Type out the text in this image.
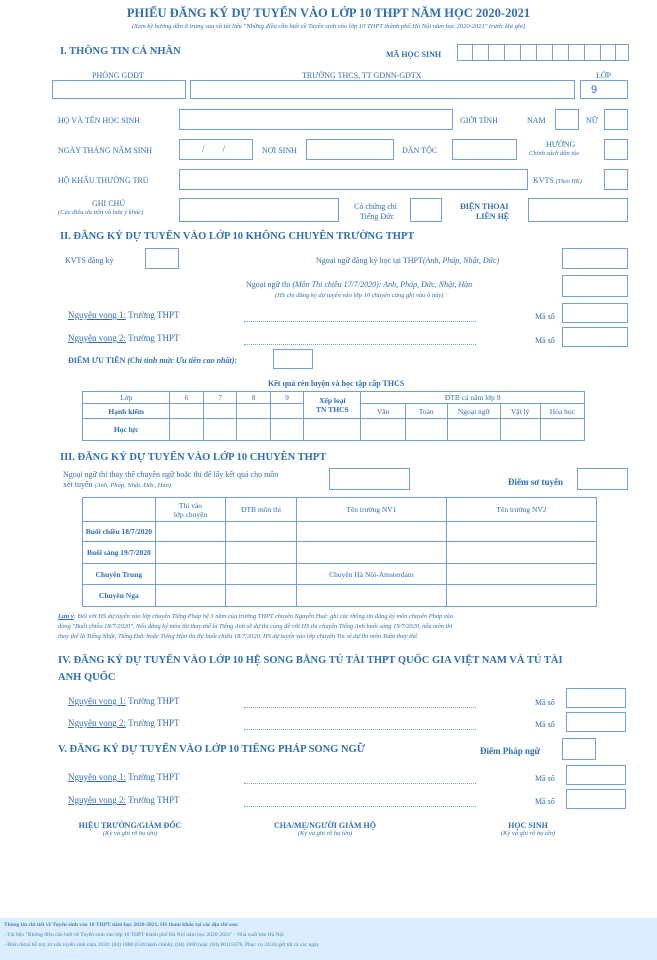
PHIẾU ĐĂNG KÝ DỰ TUYỂN VÀO LỚP 10 THPT NĂM HỌC 2020-2021
(Xem kỹ hướng dẫn ở trang sau và tài liệu "Những điều cần biết về Tuyển sinh vào lớp 10 THPT thành phố Hà Nội năm học 2020-2021" trước khi ghi)
I. THÔNG TIN CÁ NHÂN	MÃ HỌC SINH
PHÒNG GDĐT	TRƯỜNG THCS, TT GDNN-GDTX	LỚP
9
HỌ VÀ TÊN HỌC SINH	GIỚI TÍNH	NAM	NỮ
NGÀY THÁNG NĂM SINH	/        /	NƠI SINH	DÂN TỘC
HƯỞNG
Chính sách dân tộc
HỘ KHẨU THƯỜNG TRÚ	KVTS (Theo HK)
GHI CHÚ
(Các điều ưu tiên và hưu ý khác)
Có chứng chỉ
Tiếng Đức
ĐIỆN THOẠI
LIÊN HỆ
II. ĐĂNG KÝ DỰ TUYỂN VÀO LỚP 10 KHÔNG CHUYÊN TRƯỜNG THPT
KVTS đăng ký	Ngoại ngữ đăng ký học tại THPT(Anh, Pháp, Nhật, Đức)
Ngoại ngữ thi (Môn Thi chiều 17/7/2020): Anh, Pháp, Đức, Nhật, Hàn
(HS chỉ đăng ký dự tuyển vào lớp 10 chuyên cũng ghi vào ô này)
Nguyện vọng 1: Trường THPT	Mã số
Nguyện vọng 2: Trường THPT	Mã số
ĐIỂM ƯU TIÊN (Chỉ tính mức Ưu tiên cao nhất):
Kết quả rèn luyện và học tập cấp THCS
Lớp	6	7	8	9	Xếp loại
TN THCS	ĐTB cả năm lớp 9				
Hạnh kiểm						Văn	Toán	Ngoại ngữ	Vật lý	Hóa học
Học lực										
III. ĐĂNG KÝ DỰ TUYỂN VÀO LỚP 10 CHUYÊN THPT
Ngoại ngữ thi thay thế chuyên ngữ hoặc thi để lấy kết quả cho môn
xét tuyển (Anh, Pháp, Nhật, Đức, Hàn)	Điểm sơ tuyển

	Thi vào
lớp chuyên	ĐTB môn thi	Tên trường NV1	Tên trường NV2
Buổi chiều 18/7/2020				
Buổi sáng 19/7/2020				
Chuyên Trung			Chuyên Hà Nội-Amsterdam	
Chuyên Nga				
Lưu ý: Đối với HS dự tuyển vào lớp chuyên Tiếng Pháp hệ 3 năm của trường THPT chuyên Nguyễn Huệ: ghi các thông tin đăng ký môn chuyên Pháp vào
dòng "Buổi chiều 18/7/2020". Nếu đăng ký môn thi thay thế là Tiếng Anh sẽ dự thi cùng đề với HS thi chuyên Tiếng Anh buổi sáng 19/7/2020, nếu môn thi
thay thế là Tiếng Nhật, Tiếng Đức hoặc Tiếng Hàn thi thi buổi chiều 18/7/2020. HS dự tuyển vào lớp chuyên Tin sẽ dự thi môn Toán thay thế.
IV. ĐĂNG KÝ DỰ TUYỂN VÀO LỚP 10 HỆ SONG BẰNG TÚ TÀI THPT QUỐC GIA VIỆT NAM VÀ TÚ TÀI
ANH QUỐC
Nguyện vọng 1: Trường THPT	Mã số
Nguyện vọng 2: Trường THPT	Mã số
V. ĐĂNG KÝ DỰ TUYỂN VÀO LỚP 10 TIẾNG PHÁP SONG NGỮ	Điểm Pháp ngữ
Nguyện vọng 1: Trường THPT	Mã số
Nguyện vọng 2: Trường THPT	Mã số
HIỆU TRƯỞNG/GIÁM ĐỐC
(Ký và ghi rõ họ tên)
CHA/MẸ/NGƯỜI GIÁM HỘ
(Ký và ghi rõ họ tên)
HỌC SINH
(Ký và ghi rõ họ tên)
Thông tin chi tiết về Tuyển sinh vào 10 THPT năm học 2020-2021, HS tham khảo tại các địa chỉ sau:
- Tài liệu "Những điều cần biết về Tuyển sinh vào lớp 10 THPT thành phố Hà Nội năm học 2020-2021" - Nhà xuất bản Hà Nội
- Điện thoại hỗ trợ, tư vấn tuyển sinh năm 2020: (04) 1088 (Gửi hành chính); (04) 1080 hoặc (04) 80115678. Phục vụ 24/24 giờ tất cả các ngày
